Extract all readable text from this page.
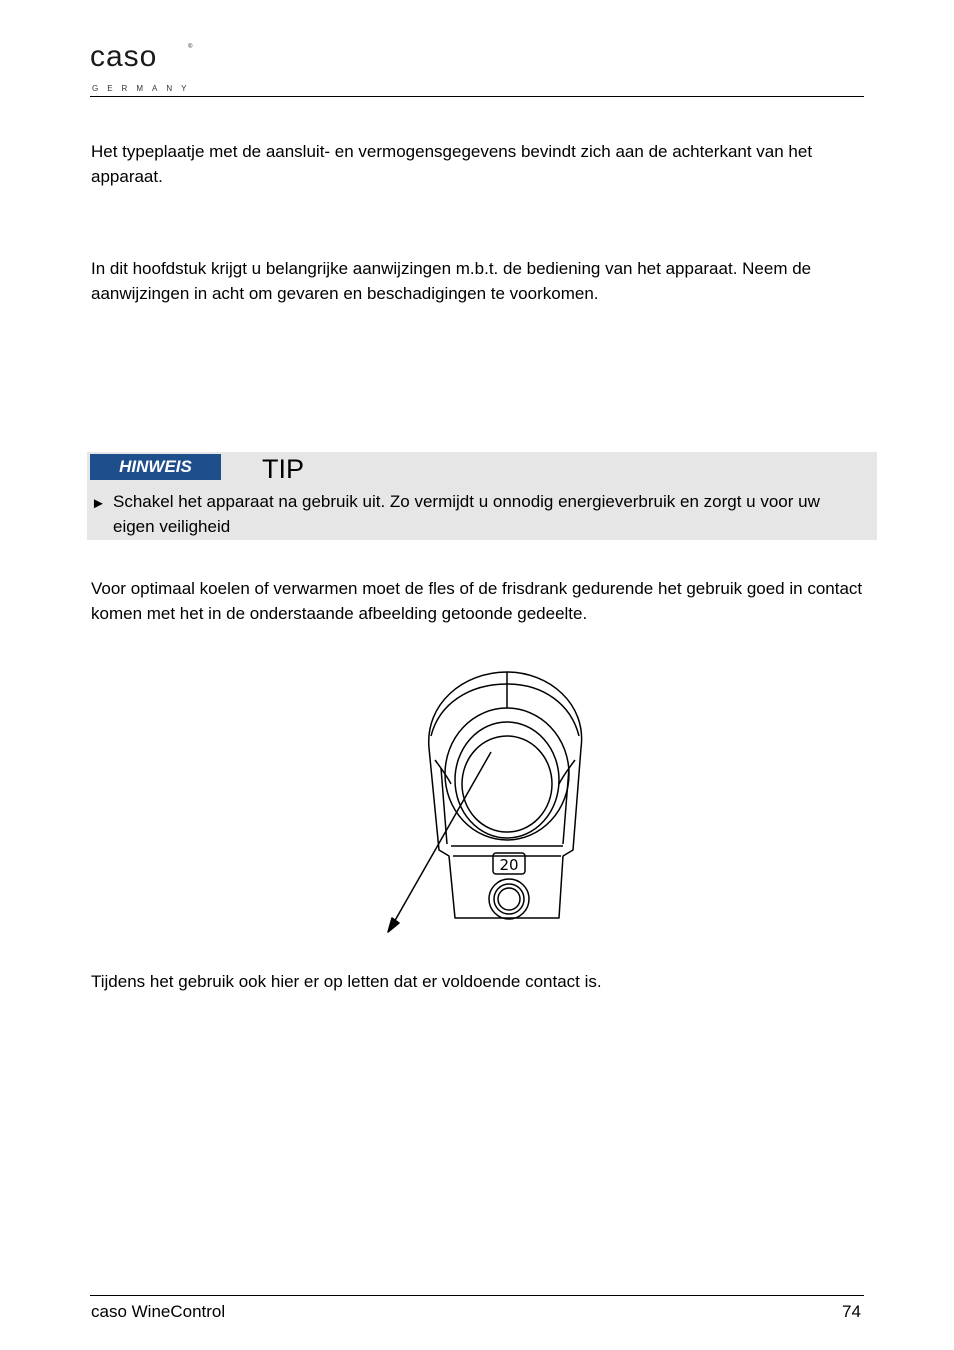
caso	®
GERMANY

Het typeplaatje met de aansluit- en vermogensgegevens bevindt zich aan de achterkant van het apparaat.

In dit hoofdstuk krijgt u belangrijke aanwijzingen m.b.t. de bediening van het apparaat. Neem de aanwijzingen in acht om gevaren en beschadigingen te voorkomen.

HINWEIS	TIP
► Schakel het apparaat na gebruik uit. Zo vermijdt u onnodig energieverbruik en zorgt u voor uw eigen veiligheid

Voor optimaal koelen of verwarmen moet de fles of de frisdrank gedurende het gebruik goed in contact komen met het in de onderstaande afbeelding getoonde gedeelte.

20

Tijdens het gebruik ook hier er op letten dat er voldoende contact is.

caso WineControl	74
